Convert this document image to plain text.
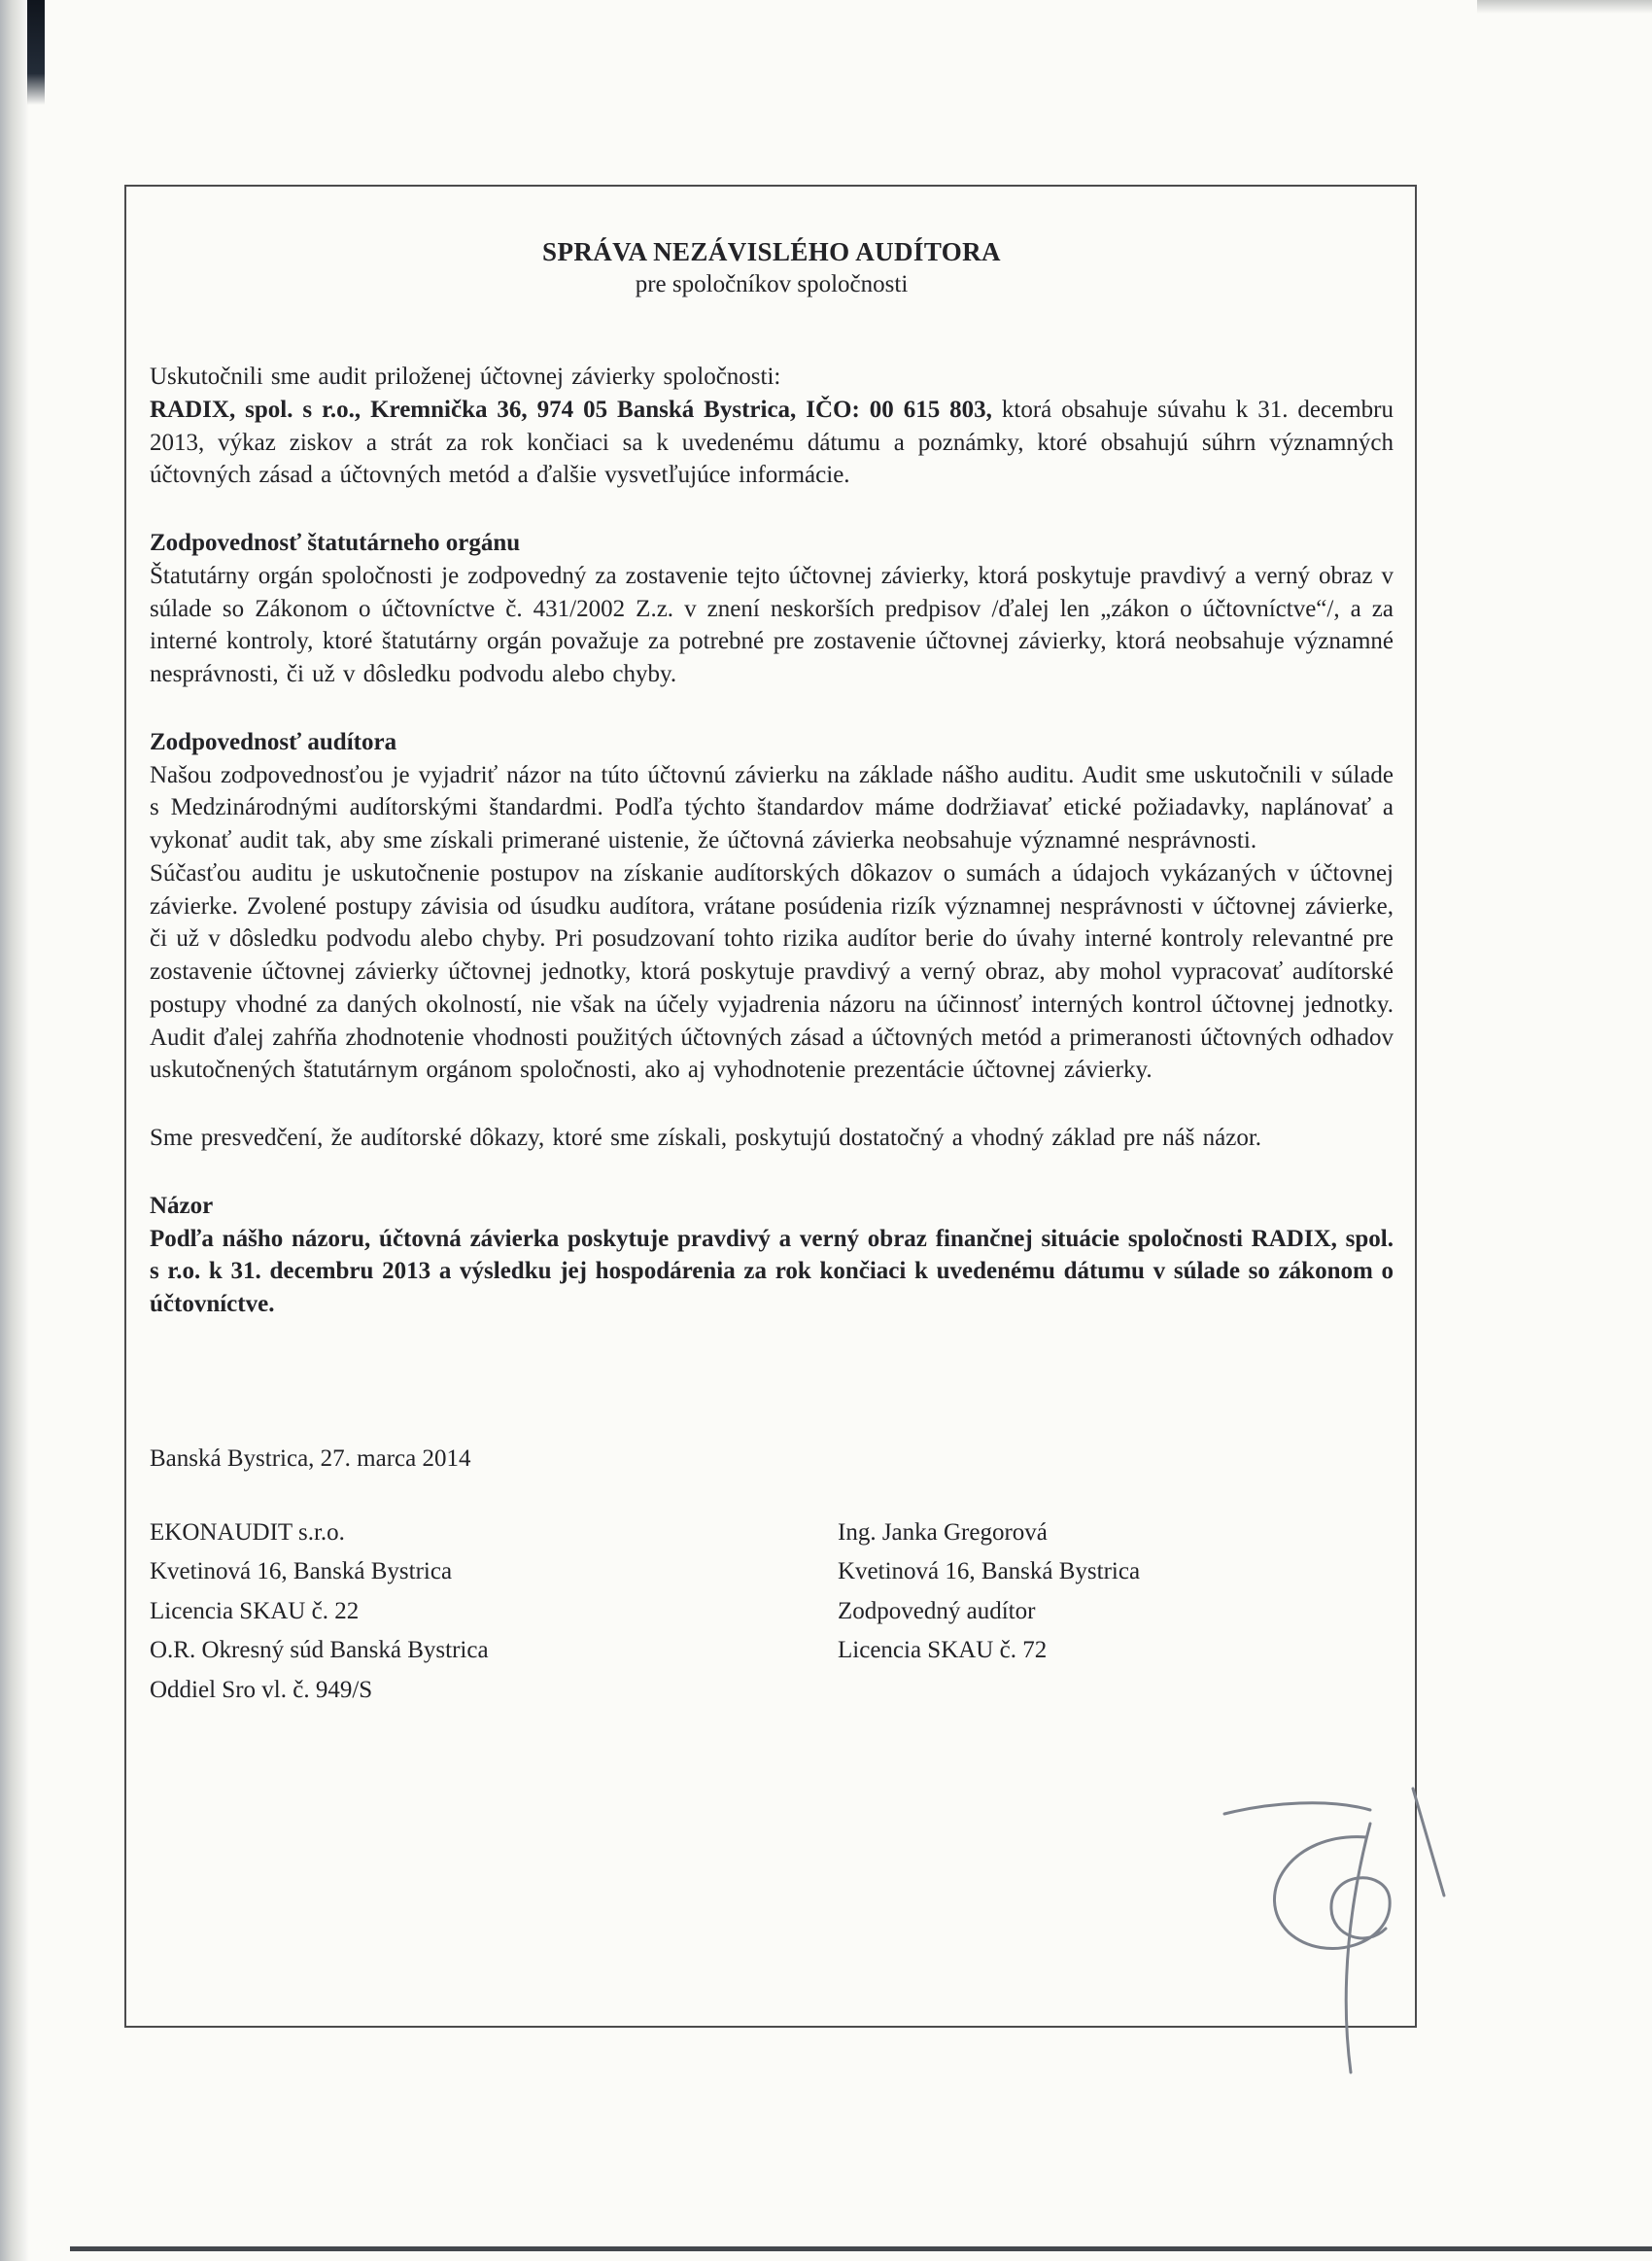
SPRÁVA NEZÁVISLÉHO AUDÍTORA
pre spoločníkov spoločnosti

Uskutočnili sme audit priloženej účtovnej závierky spoločnosti:
RADIX, spol. s r.o., Kremnička 36, 974 05 Banská Bystrica, IČO: 00 615 803, ktorá obsahuje súvahu k 31. decembru 2013, výkaz ziskov a strát za rok končiaci sa k uvedenému dátumu a poznámky, ktoré obsahujú súhrn významných účtovných zásad a účtovných metód a ďalšie vysvetľujúce informácie.

Zodpovednosť štatutárneho orgánu

Štatutárny orgán spoločnosti je zodpovedný za zostavenie tejto účtovnej závierky, ktorá poskytuje pravdivý a verný obraz v súlade so Zákonom o účtovníctve č. 431/2002 Z.z. v znení neskorších predpisov /ďalej len „zákon o účtovníctve“/, a za interné kontroly, ktoré štatutárny orgán považuje za potrebné pre zostavenie účtovnej závierky, ktorá neobsahuje významné nesprávnosti, či už v dôsledku podvodu alebo chyby.

Zodpovednosť audítora

Našou zodpovednosťou je vyjadriť názor na túto účtovnú závierku na základe nášho auditu. Audit sme uskutočnili v súlade s Medzinárodnými audítorskými štandardmi. Podľa týchto štandardov máme dodržiavať etické požiadavky, naplánovať a vykonať audit tak, aby sme získali primerané uistenie, že účtovná závierka neobsahuje významné nesprávnosti.

Súčasťou auditu je uskutočnenie postupov na získanie audítorských dôkazov o sumách a údajoch vykázaných v účtovnej závierke. Zvolené postupy závisia od úsudku audítora, vrátane posúdenia rizík významnej nesprávnosti v účtovnej závierke, či už v dôsledku podvodu alebo chyby. Pri posudzovaní tohto rizika audítor berie do úvahy interné kontroly relevantné pre zostavenie účtovnej závierky účtovnej jednotky, ktorá poskytuje pravdivý a verný obraz, aby mohol vypracovať audítorské postupy vhodné za daných okolností, nie však na účely vyjadrenia názoru na účinnosť interných kontrol účtovnej jednotky. Audit ďalej zahŕňa zhodnotenie vhodnosti použitých účtovných zásad a účtovných metód a primeranosti účtovných odhadov uskutočnených štatutárnym orgánom spoločnosti, ako aj vyhodnotenie prezentácie účtovnej závierky.

Sme presvedčení, že audítorské dôkazy, ktoré sme získali, poskytujú dostatočný a vhodný základ pre náš názor.

Názor

Podľa nášho názoru, účtovná závierka poskytuje pravdivý a verný obraz finančnej situácie spoločnosti RADIX, spol. s r.o. k 31. decembru 2013 a výsledku jej hospodárenia za rok končiaci k uvedenému dátumu v súlade so zákonom o účtovníctve.

Banská Bystrica, 27. marca 2014

EKONAUDIT s.r.o.
Kvetinová 16, Banská Bystrica
Licencia SKAU č. 22
O.R. Okresný súd Banská Bystrica
Oddiel Sro vl. č. 949/S
Ing. Janka Gregorová
Kvetinová 16, Banská Bystrica
Zodpovedný audítor
Licencia SKAU č. 72
